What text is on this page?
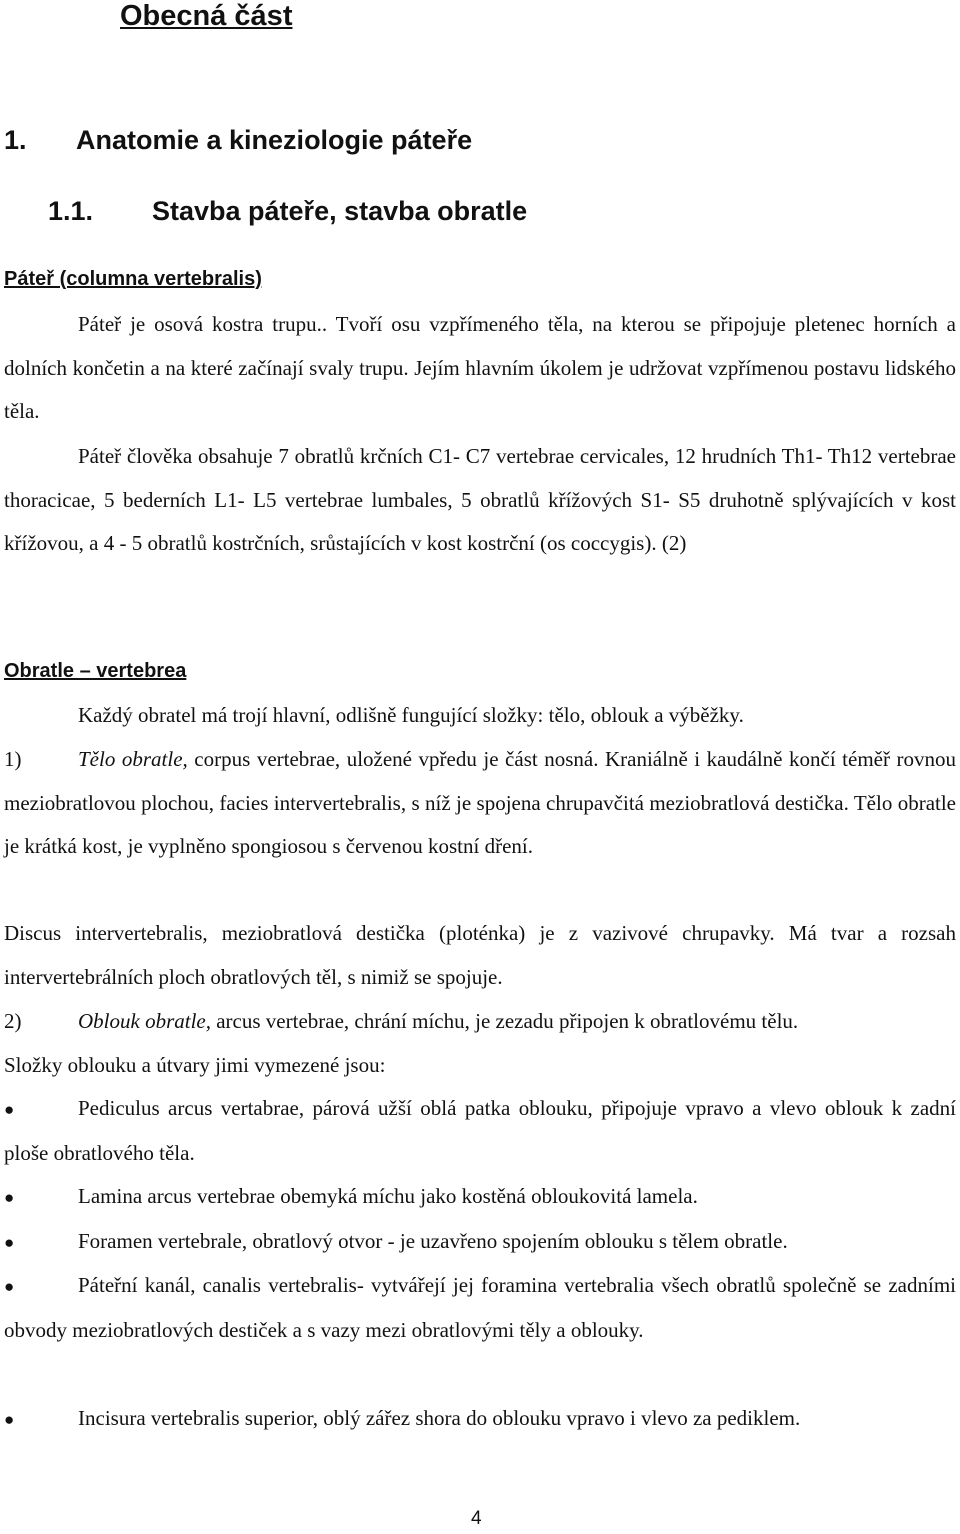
Obecná část
1. Anatomie a kineziologie páteře
1.1. Stavba páteře, stavba obratle
Páteř (columna vertebralis)

Páteř je osová kostra trupu.. Tvoří osu vzpřímeného těla, na kterou se připojuje pletenec horních a dolních končetin a na které začínají svaly trupu. Jejím hlavním úkolem je udržovat vzpřímenou postavu lidského těla.

Páteř člověka obsahuje 7 obratlů krčních C1- C7 vertebrae cervicales, 12 hrudních Th1- Th12 vertebrae thoracicae, 5 bederních L1- L5 vertebrae lumbales, 5 obratlů křížových S1- S5 druhotně splývajících v kost křížovou, a 4 - 5 obratlů kostrčních, srůstajících v kost kostrční (os coccygis). (2)

Obratle – vertebrea

Každý obratel má trojí hlavní, odlišně fungující složky: tělo, oblouk a výběžky.

1)	Tělo obratle, corpus vertebrae, uložené vpředu je část nosná. Kraniálně i kaudálně končí téměř rovnou meziobratlovou plochou, facies intervertebralis, s níž je spojena chrupavčitá meziobratlová destička. Tělo obratle je krátká kost, je vyplněno spongiosou s červenou kostní dření.

Discus intervertebralis, meziobratlová destička (ploténka) je z vazivové chrupavky. Má tvar a rozsah intervertebrálních ploch obratlových těl, s nimiž se spojuje.

2)	Oblouk obratle, arcus vertebrae, chrání míchu, je zezadu připojen k obratlovému tělu.

Složky oblouku a útvary jimi vymezené jsou:

●	Pediculus arcus vertabrae, párová užší oblá patka oblouku, připojuje vpravo a vlevo oblouk k zadní ploše obratlového těla.

●	Lamina arcus vertebrae obemyká míchu jako kostěná obloukovitá lamela.

●	Foramen vertebrale, obratlový otvor - je uzavřeno spojením oblouku s tělem obratle.

●	Páteřní kanál, canalis vertebralis- vytvářejí jej foramina vertebralia všech obratlů společně se zadními obvody meziobratlových destiček a s vazy mezi obratlovými těly a oblouky.

●	Incisura vertebralis superior, oblý zářez shora do oblouku vpravo i vlevo za pediklem.

4
